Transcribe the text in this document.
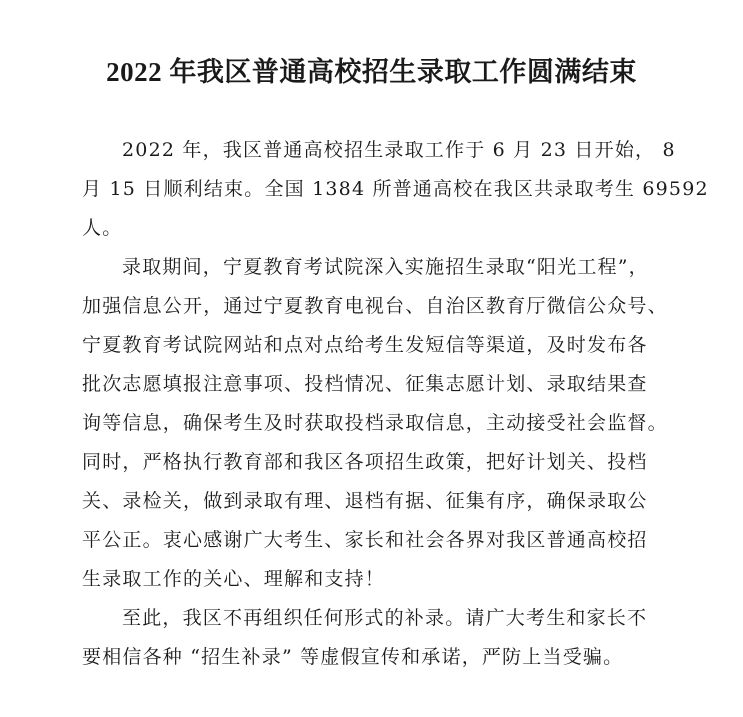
2022 年我区普通高校招生录取工作圆满结束
2022 年，我区普通高校招生录取工作于 6 月 23 日开始， 8
月 15 日顺利结束。全国 1384 所普通高校在我区共录取考生 69592
人。
录取期间，宁夏教育考试院深入实施招生录取“阳光工程”，
加强信息公开，通过宁夏教育电视台、自治区教育厅微信公众号、
宁夏教育考试院网站和点对点给考生发短信等渠道，及时发布各
批次志愿填报注意事项、投档情况、征集志愿计划、录取结果查
询等信息，确保考生及时获取投档录取信息，主动接受社会监督。
同时，严格执行教育部和我区各项招生政策，把好计划关、投档
关、录检关，做到录取有理、退档有据、征集有序，确保录取公
平公正。衷心感谢广大考生、家长和社会各界对我区普通高校招
生录取工作的关心、理解和支持！
至此，我区不再组织任何形式的补录。请广大考生和家长不
要相信各种 “招生补录” 等虚假宣传和承诺，严防上当受骗。
